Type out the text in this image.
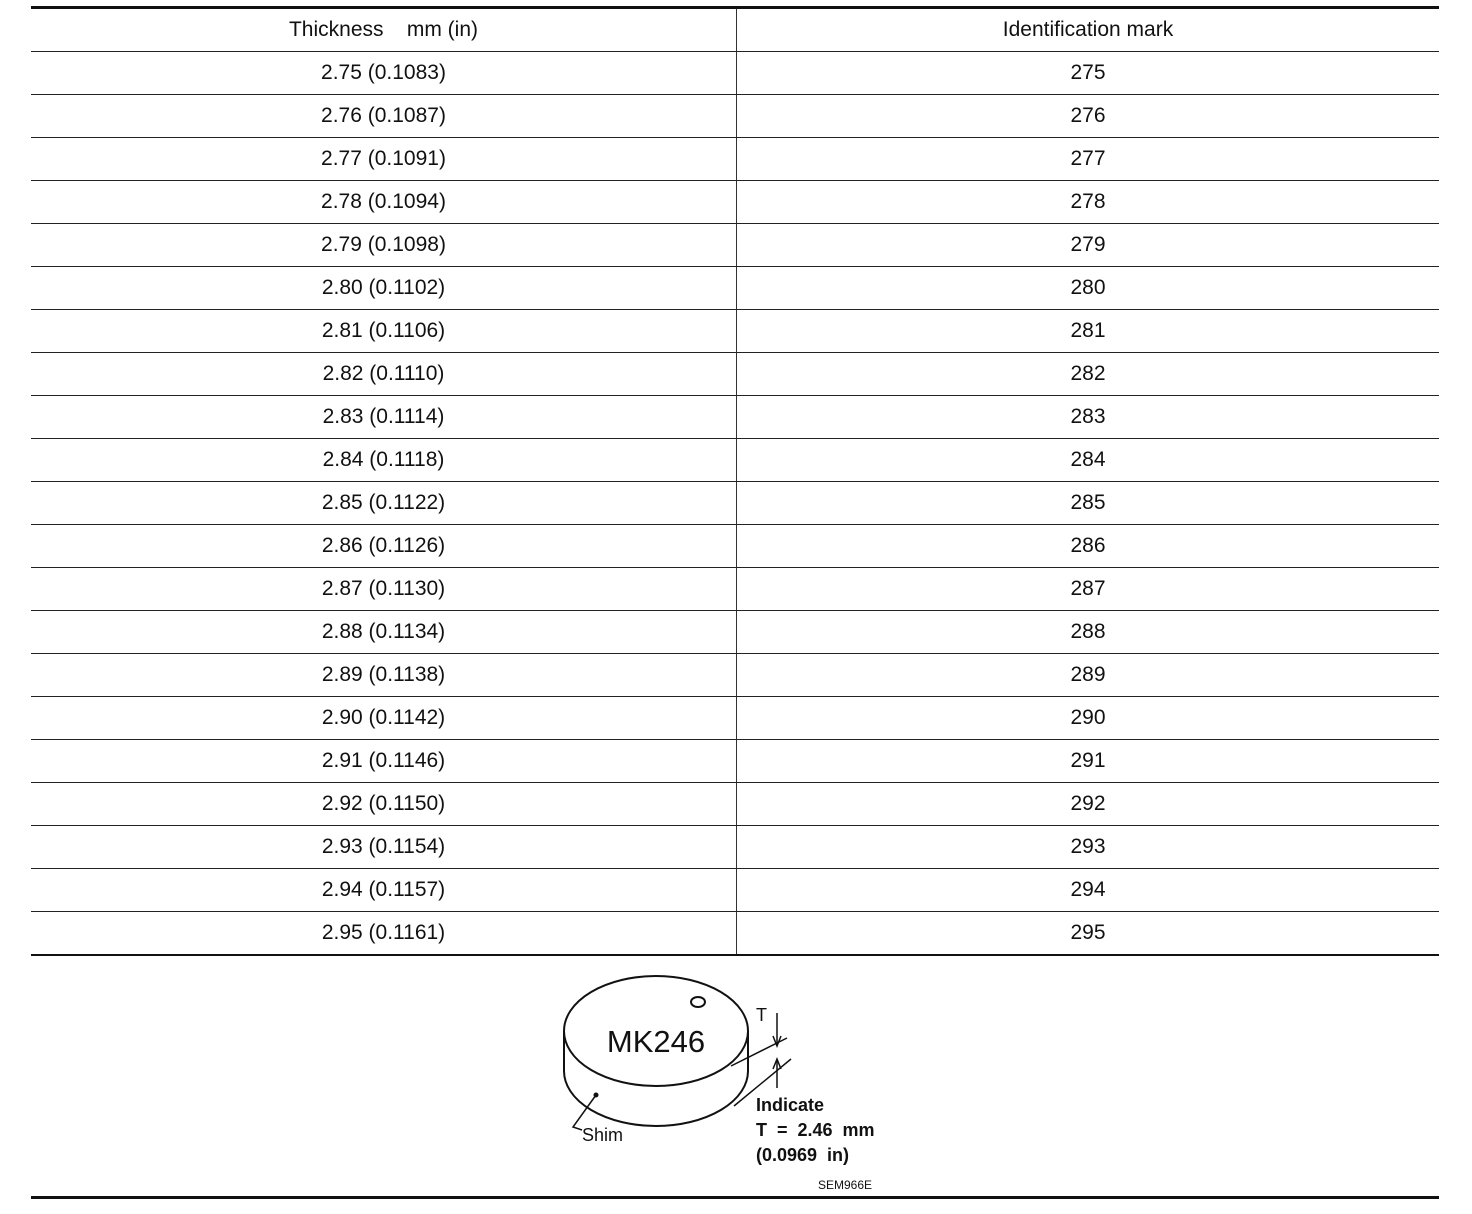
Thickness    mm (in)	Identification mark
2.75 (0.1083)	275
2.76 (0.1087)	276
2.77 (0.1091)	277
2.78 (0.1094)	278
2.79 (0.1098)	279
2.80 (0.1102)	280
2.81 (0.1106)	281
2.82 (0.1110)	282
2.83 (0.1114)	283
2.84 (0.1118)	284
2.85 (0.1122)	285
2.86 (0.1126)	286
2.87 (0.1130)	287
2.88 (0.1134)	288
2.89 (0.1138)	289
2.90 (0.1142)	290
2.91 (0.1146)	291
2.92 (0.1150)	292
2.93 (0.1154)	293
2.94 (0.1157)	294
2.95 (0.1161)	295
MK246
T
Shim
Indicate
T  =  2.46  mm
(0.0969  in)
SEM966E
